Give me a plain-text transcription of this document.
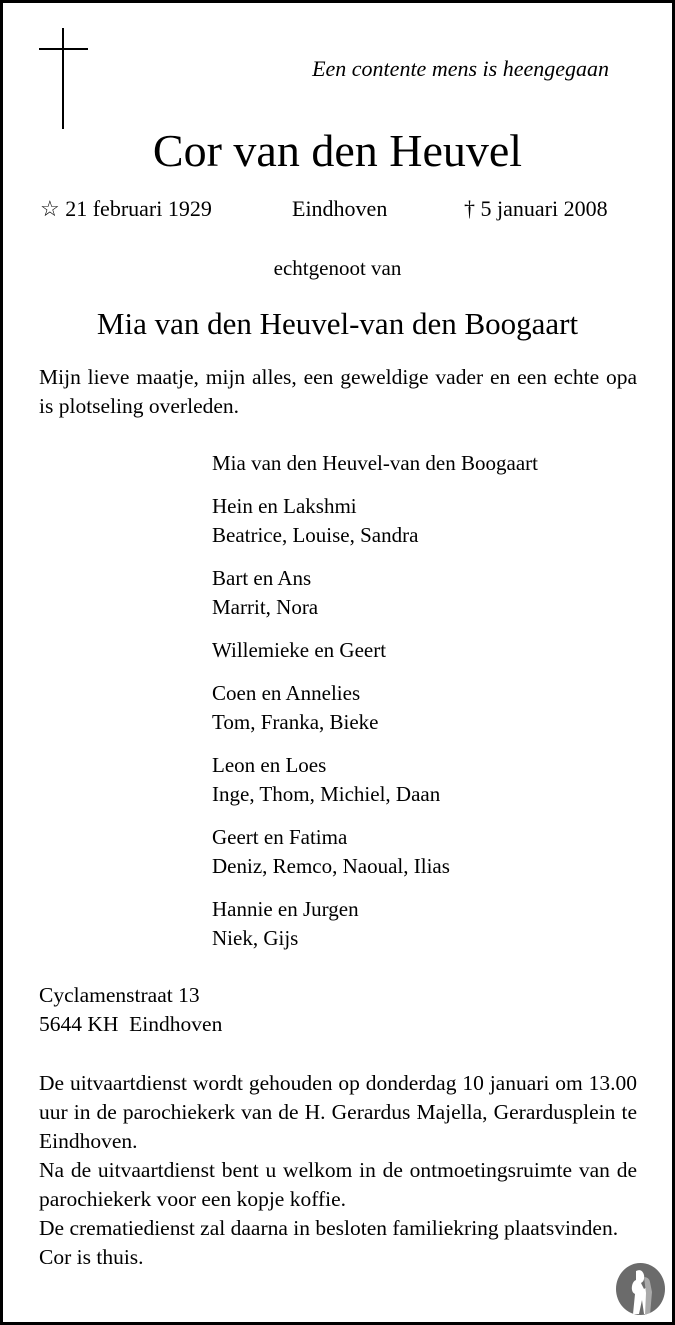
Een contente mens is heengegaan
Cor van den Heuvel
☆ 21 februari 1929	Eindhoven	† 5 januari 2008
echtgenoot van
Mia van den Heuvel-van den Boogaart
Mijn lieve maatje, mijn alles, een geweldige vader en een echte opa is plotseling overleden.
Mia van den Heuvel-van den Boogaart
Hein en Lakshmi
Beatrice, Louise, Sandra
Bart en Ans
Marrit, Nora
Willemieke en Geert
Coen en Annelies
Tom, Franka, Bieke
Leon en Loes
Inge, Thom, Michiel, Daan
Geert en Fatima
Deniz, Remco, Naoual, Ilias
Hannie en Jurgen
Niek, Gijs
Cyclamenstraat 13
5644 KH  Eindhoven
De uitvaartdienst wordt gehouden op donderdag 10 januari om 13.00 uur in de parochiekerk van de H. Gerardus Majella, Gerardusplein te Eindhoven.
Na de uitvaartdienst bent u welkom in de ontmoetingsruimte van de parochiekerk voor een kopje koffie.
De crematiedienst zal daarna in besloten familiekring plaatsvinden.
Cor is thuis.
